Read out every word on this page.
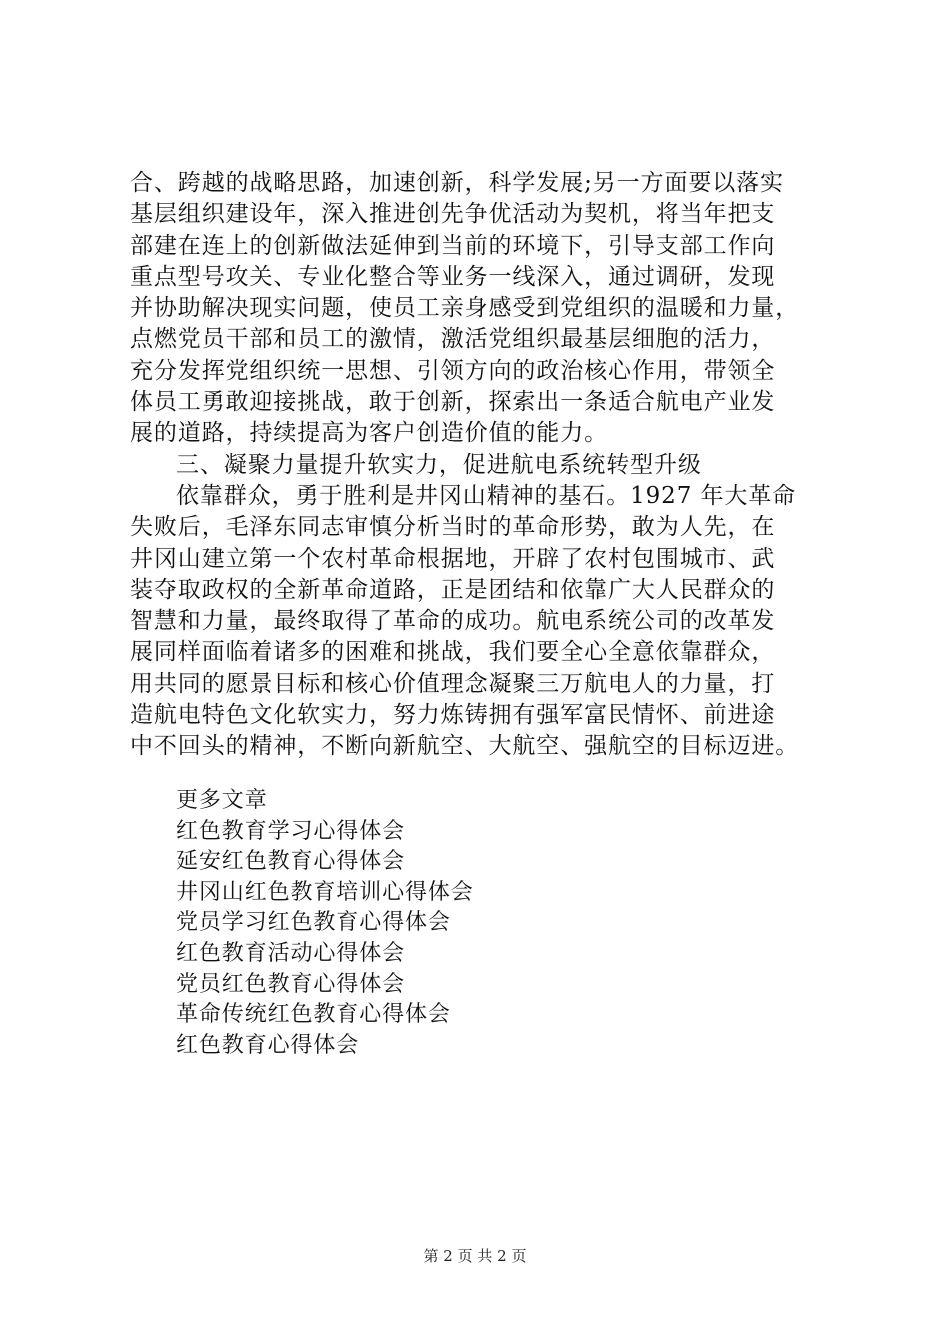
合、跨越的战略思路，加速创新，科学发展;另一方面要以落实
基层组织建设年，深入推进创先争优活动为契机，将当年把支
部建在连上的创新做法延伸到当前的环境下，引导支部工作向
重点型号攻关、专业化整合等业务一线深入，通过调研，发现
并协助解决现实问题，使员工亲身感受到党组织的温暖和力量，
点燃党员干部和员工的激情，激活党组织最基层细胞的活力，
充分发挥党组织统一思想、引领方向的政治核心作用，带领全
体员工勇敢迎接挑战，敢于创新，探索出一条适合航电产业发
展的道路，持续提高为客户创造价值的能力。
三、凝聚力量提升软实力，促进航电系统转型升级
依靠群众，勇于胜利是井冈山精神的基石。1927 年大革命
失败后，毛泽东同志审慎分析当时的革命形势，敢为人先，在
井冈山建立第一个农村革命根据地，开辟了农村包围城市、武
装夺取政权的全新革命道路，正是团结和依靠广大人民群众的
智慧和力量，最终取得了革命的成功。航电系统公司的改革发
展同样面临着诸多的困难和挑战，我们要全心全意依靠群众，
用共同的愿景目标和核心价值理念凝聚三万航电人的力量，打
造航电特色文化软实力，努力炼铸拥有强军富民情怀、前进途
中不回头的精神，不断向新航空、大航空、强航空的目标迈进。
更多文章
红色教育学习心得体会
延安红色教育心得体会
井冈山红色教育培训心得体会
党员学习红色教育心得体会
红色教育活动心得体会
党员红色教育心得体会
革命传统红色教育心得体会
红色教育心得体会
第 2 页 共 2 页
